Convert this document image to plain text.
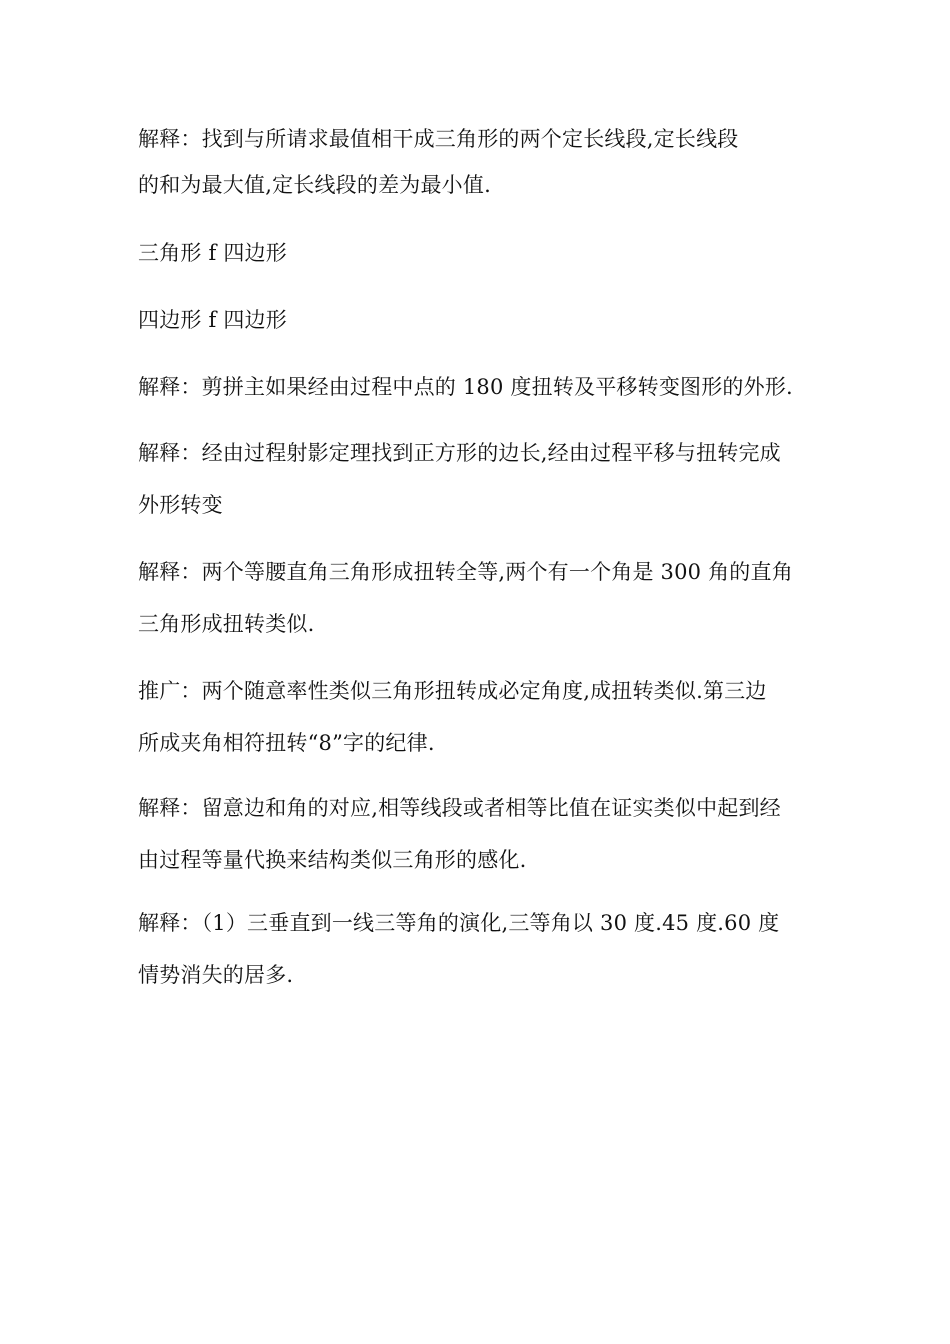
解释：找到与所请求最值相干成三角形的两个定长线段,定长线段
的和为最大值,定长线段的差为最小值.
三角形 f 四边形
四边形 f 四边形
解释：剪拼主如果经由过程中点的 180 度扭转及平移转变图形的外形.
解释：经由过程射影定理找到正方形的边长,经由过程平移与扭转完成
外形转变
解释：两个等腰直角三角形成扭转全等,两个有一个角是 300 角的直角
三角形成扭转类似.
推广：两个随意率性类似三角形扭转成必定角度,成扭转类似.第三边
所成夹角相符扭转“8”字的纪律.
解释：留意边和角的对应,相等线段或者相等比值在证实类似中起到经
由过程等量代换来结构类似三角形的感化.
解释：（1）三垂直到一线三等角的演化,三等角以 30 度.45 度.60 度
情势消失的居多.
